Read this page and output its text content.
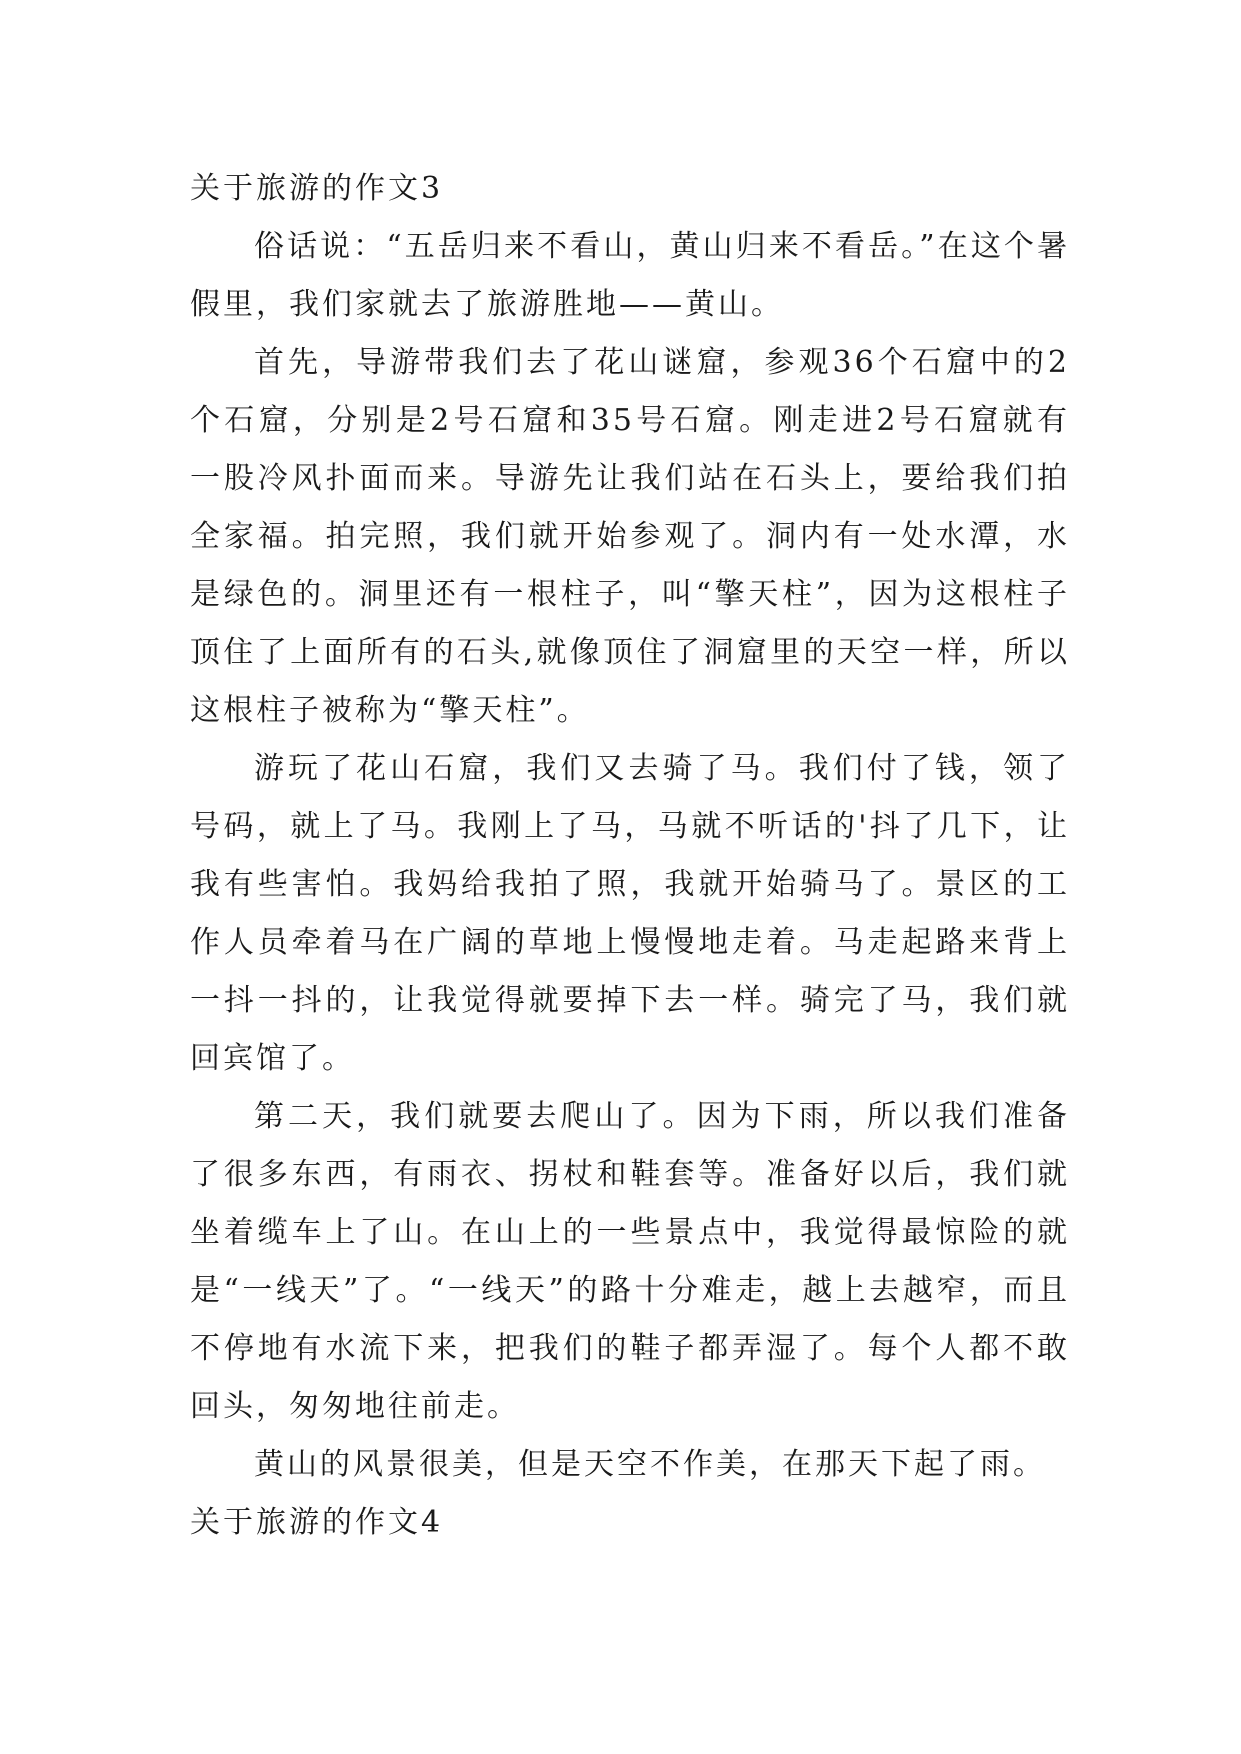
关于旅游的作文3
俗话说：“五岳归来不看山，黄山归来不看岳。”在这个暑假里，我们家就去了旅游胜地——黄山。
首先，导游带我们去了花山谜窟，参观36个石窟中的2个石窟，分别是2号石窟和35号石窟。刚走进2号石窟就有一股冷风扑面而来。导游先让我们站在石头上，要给我们拍全家福。拍完照，我们就开始参观了。洞内有一处水潭，水是绿色的。洞里还有一根柱子，叫“擎天柱”，因为这根柱子顶住了上面所有的石头,就像顶住了洞窟里的天空一样，所以这根柱子被称为“擎天柱”。
游玩了花山石窟，我们又去骑了马。我们付了钱，领了号码，就上了马。我刚上了马，马就不听话的'抖了几下，让我有些害怕。我妈给我拍了照，我就开始骑马了。景区的工作人员牵着马在广阔的草地上慢慢地走着。马走起路来背上一抖一抖的，让我觉得就要掉下去一样。骑完了马，我们就回宾馆了。
第二天，我们就要去爬山了。因为下雨，所以我们准备了很多东西，有雨衣、拐杖和鞋套等。准备好以后，我们就坐着缆车上了山。在山上的一些景点中，我觉得最惊险的就是“一线天”了。“一线天”的路十分难走，越上去越窄，而且不停地有水流下来，把我们的鞋子都弄湿了。每个人都不敢回头，匆匆地往前走。
黄山的风景很美，但是天空不作美，在那天下起了雨。
关于旅游的作文4
